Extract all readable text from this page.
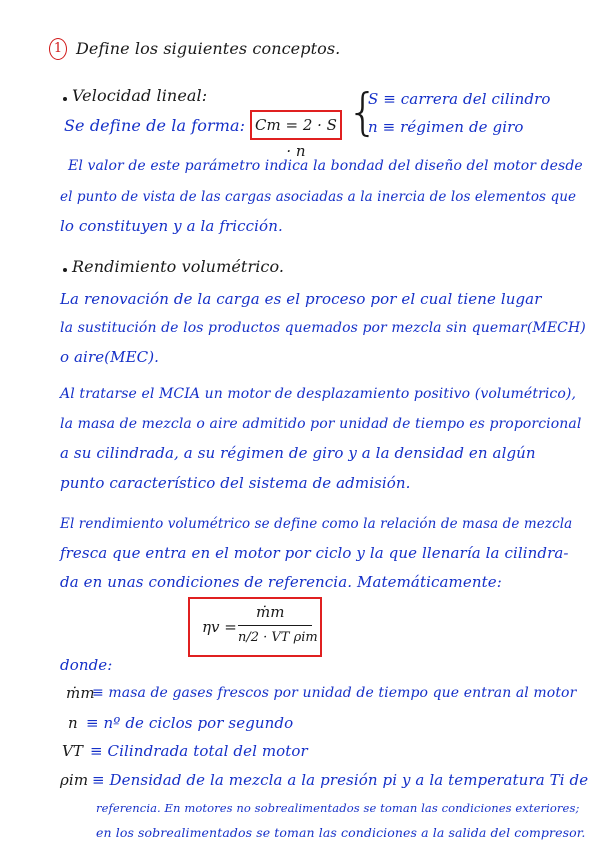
1 Define los siguientes conceptos.
Velocidad lineal:
Se define de la forma: Cm = 2 · S · n
{
S ≡ carrera del cilindro
n ≡ régimen de giro
El valor de este parámetro indica la bondad del diseño del motor desde
el punto de vista de las cargas asociadas a la inercia de los elementos que
lo constituyen y a la fricción.
Rendimiento volumétrico.
La renovación de la carga es el proceso por el cual tiene lugar
la sustitución de los productos quemados por mezcla sin quemar(MECH)
o aire(MEC).
Al tratarse el MCIA un motor de desplazamiento positivo (volumétrico),
la masa de mezcla o aire admitido por unidad de tiempo es proporcional
a su cilindrada, a su régimen de giro y a la densidad en algún
punto característico del sistema de admisión.
El rendimiento volumétrico se define como la relación de masa de mezcla
fresca que entra en el motor por ciclo y la que llenaría la cilindra-
da en unas condiciones de referencia. Matemáticamente:
ηv =
ṁm
n/2 · VT ρim
donde:
ṁm
≡ masa de gases frescos por unidad de tiempo que entran al motor
n ≡ nº de ciclos por segundo
VT ≡ Cilindrada total del motor
ρim ≡ Densidad de la mezcla a la presión pi y a la temperatura Ti de
referencia. En motores no sobrealimentados se toman las condiciones exteriores;
en los sobrealimentados se toman las condiciones a la salida del compresor.
